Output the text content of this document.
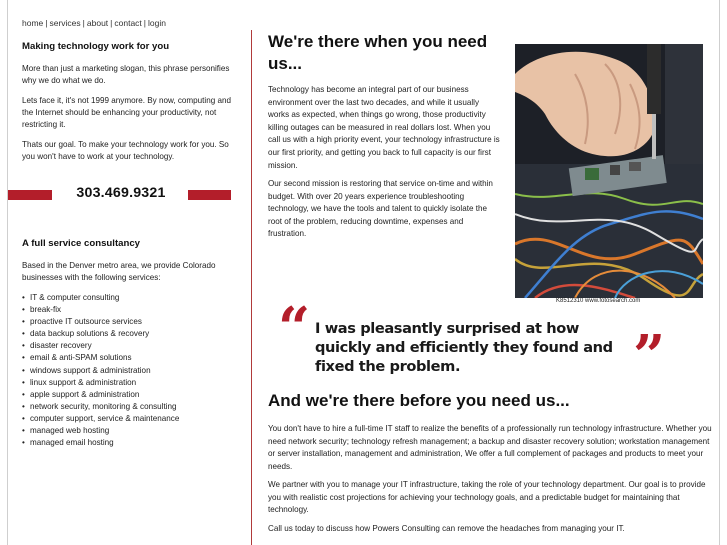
home | services | about | contact | login
Making technology work for you

More than just a marketing slogan, this phrase personifies why we do what we do.

Lets face it, it's not 1999 anymore. By now, computing and the Internet should be enhancing your productivity, not restricting it.

Thats our goal. To make your technology work for you. So you won't have to work at your technology.

303.469.9321
A full service consultancy

Based in the Denver metro area, we provide Colorado businesses with the following services:

• IT & computer consulting
• break-fix
• proactive IT outsource services
• data backup solutions & recovery
• disaster recovery
• email & anti-SPAM solutions
• windows support & administration
• linux support & administration
• apple support & administration
• network security, monitoring & consulting
• computer support, service & maintenance
• managed web hosting
• managed email hosting
We're there when you need us...

Technology has become an integral part of our business environment over the last two decades, and while it usually works as expected, when things go wrong, those productivity killing outages can be measured in real dollars lost. When you call us with a high priority event, your technology infrastructure is our first priority, and getting you back to full capacity is our first mission.

Our second mission is restoring that service on-time and within budget. With over 20 years experience troubleshooting technology, we have the tools and talent to quickly isolate the root of the problem, reducing downtime, expenses and frustration.

K8512310 www.fotosearch.com
“ I was pleasantly surprised at how quickly and efficiently they found and fixed the problem.	”
And we're there before you need us...

You don't have to hire a full-time IT staff to realize the benefits of a professionally run technology infrastructure. Whether you need network security; technology refresh management; a backup and disaster recovery solution; workstation management or server installation, management and administration, We offer a full complement of packages and products to meet your needs.

We partner with you to manage your IT infrastructure, taking the role of your technology department. Our goal is to provide you with realistic cost projections for achieving your technology goals, and a predictable budget for maintaining that technology.

Call us today to discuss how Powers Consulting can remove the headaches from managing your IT.
